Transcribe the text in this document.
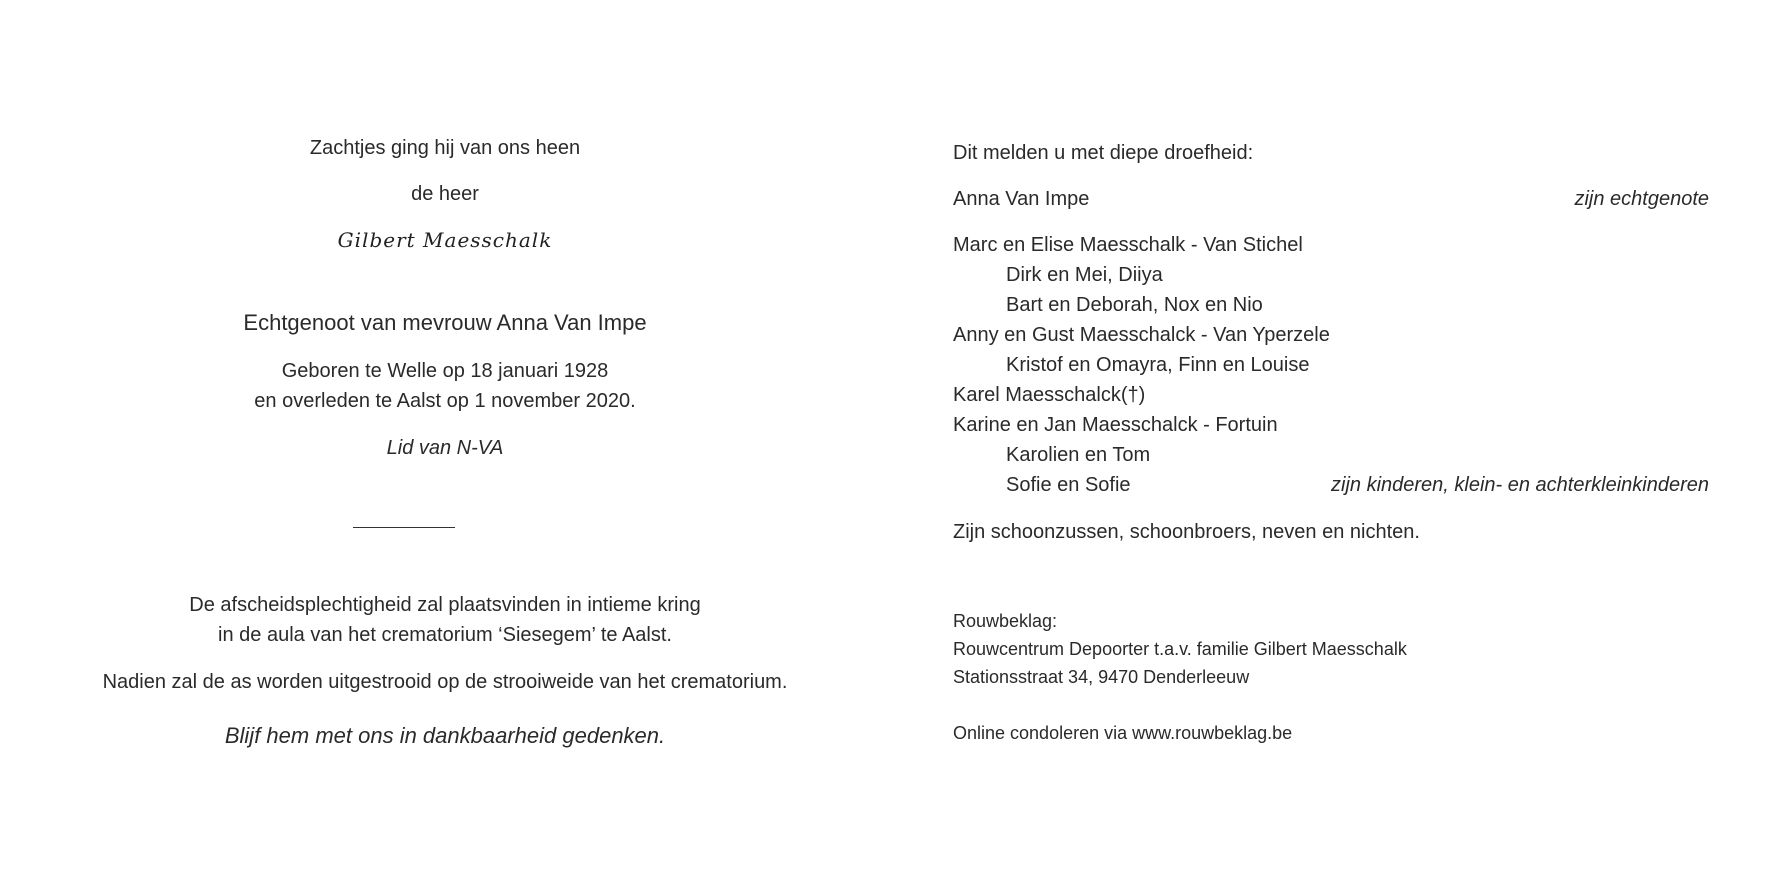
Zachtjes ging hij van ons heen
de heer
Gilbert Maesschalk
Echtgenoot van mevrouw Anna Van Impe
Geboren te Welle op 18 januari 1928
en overleden te Aalst op 1 november 2020.
Lid van N-VA
De afscheidsplechtigheid zal plaatsvinden in intieme kring
in de aula van het crematorium ‘Siesegem’ te Aalst.
Nadien zal de as worden uitgestrooid op de strooiweide van het crematorium.
Blijf hem met ons in dankbaarheid gedenken.
Dit melden u met diepe droefheid:
Anna Van Impe	zijn echtgenote
Marc en Elise Maesschalk - Van Stichel
Dirk en Mei, Diiya
Bart en Deborah, Nox en Nio
Anny en Gust Maesschalck - Van Yperzele
Kristof en Omayra, Finn en Louise
Karel Maesschalck(†)
Karine en Jan Maesschalck - Fortuin
Karolien en Tom
Sofie en Sofie	zijn kinderen, klein- en achterkleinkinderen
Zijn schoonzussen, schoonbroers, neven en nichten.
Rouwbeklag:
Rouwcentrum Depoorter t.a.v. familie Gilbert Maesschalk
Stationsstraat 34, 9470 Denderleeuw
Online condoleren via www.rouwbeklag.be
